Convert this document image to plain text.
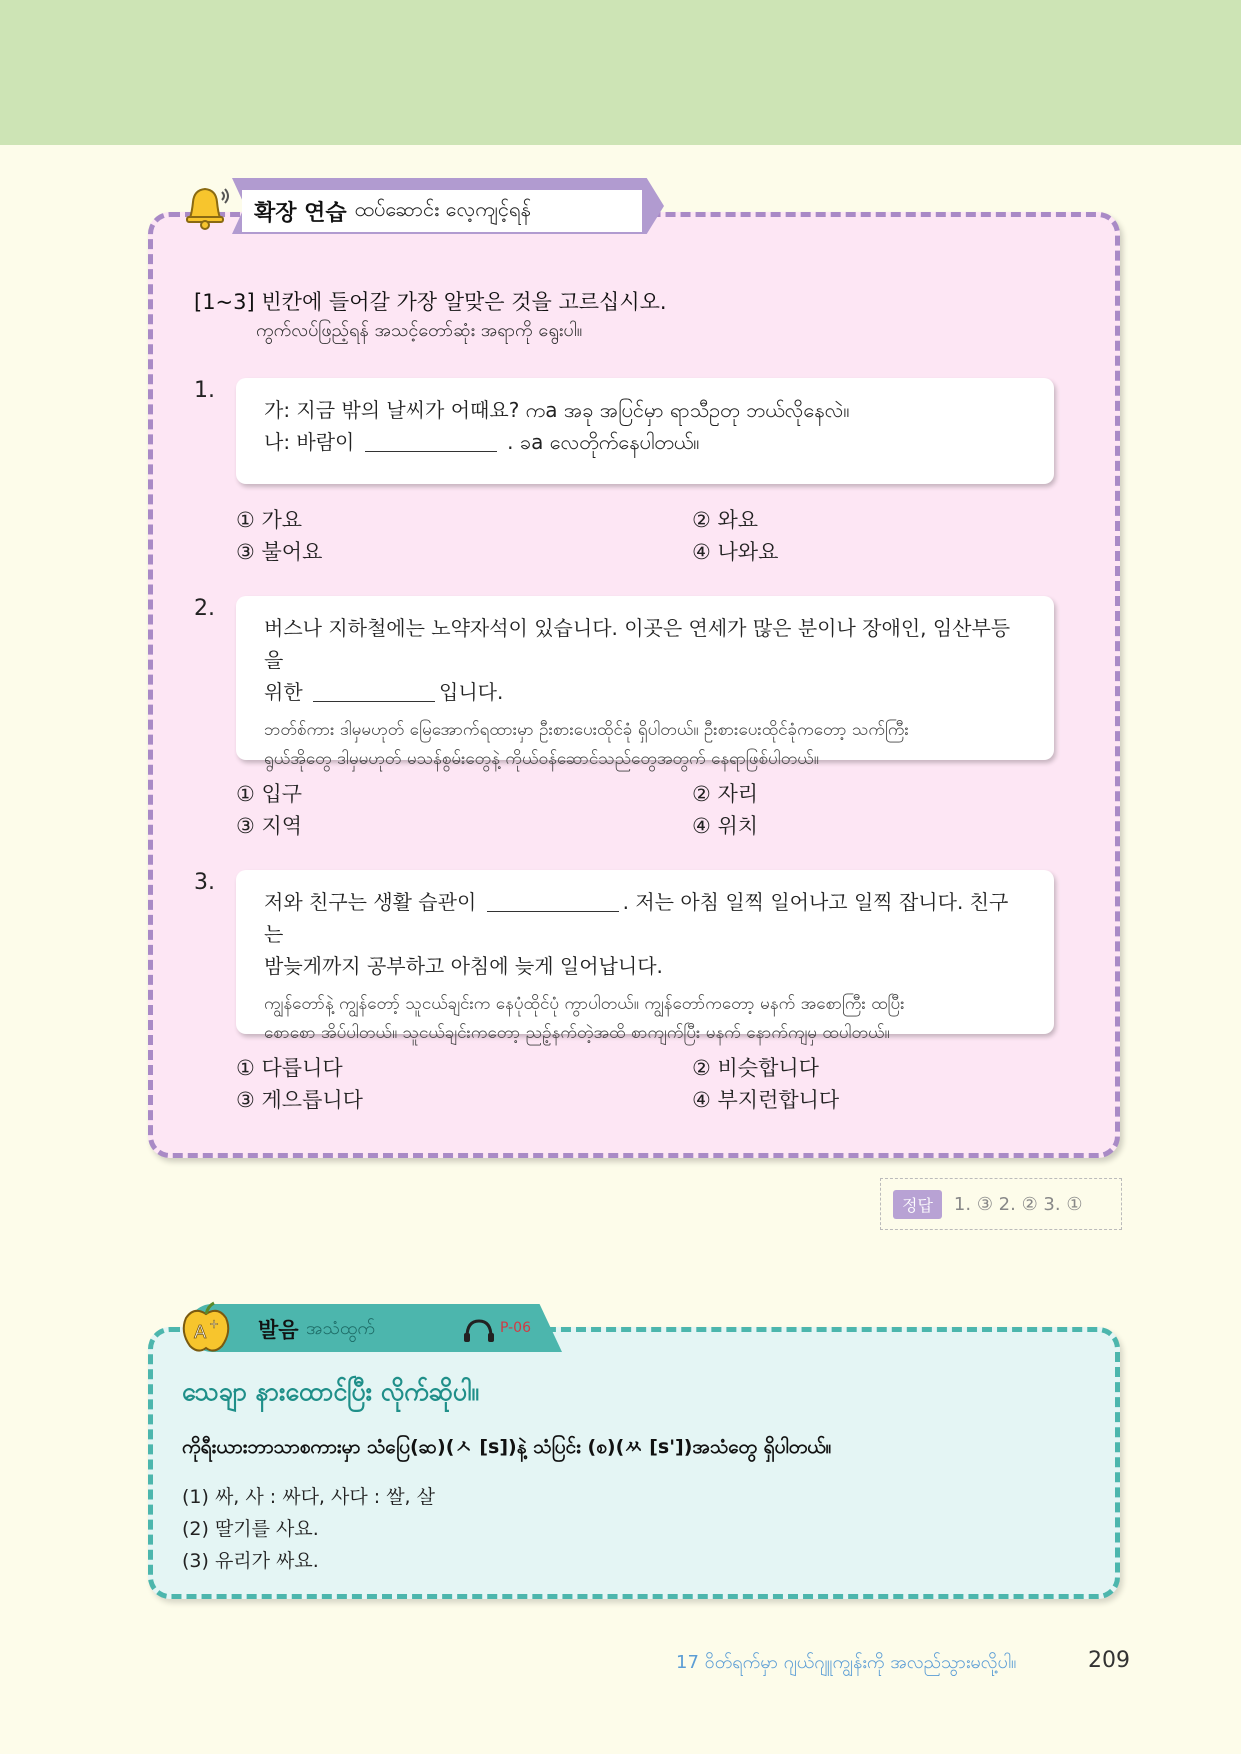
확장 연습 ထပ်ဆောင်း လေ့ကျင့်ရန်
[1~3] 빈칸에 들어갈 가장 알맞은 것을 고르십시오.
ကွက်လပ်ဖြည့်ရန် အသင့်တော်ဆုံး အရာကို ရွေးပါ။
1.
가: 지금 밖의 날씨가 어때요? ကa အခု အပြင်မှာ ရာသီဥတု ဘယ်လိုနေလဲ။
나: 바람이	. ခa လေတိုက်နေပါတယ်။
① 가요	② 와요
③ 불어요	④ 나와요
2.
버스나 지하철에는 노약자석이 있습니다. 이곳은 연세가 많은 분이나 장애인, 임산부등을
위한	입니다.
ဘတ်စ်ကား ဒါမှမဟုတ် မြေအောက်ရထားမှာ ဦးစားပေးထိုင်ခုံ ရှိပါတယ်။ ဦးစားပေးထိုင်ခုံကတော့ သက်ကြီး
ရွယ်အိုတွေ ဒါမှမဟုတ် မသန်စွမ်းတွေနဲ့ ကိုယ်ဝန်ဆောင်သည်တွေအတွက် နေရာဖြစ်ပါတယ်။
① 입구	② 자리
③ 지역	④ 위치
3.
저와 친구는 생활 습관이	. 저는 아침 일찍 일어나고 일찍 잡니다. 친구는
밤늦게까지 공부하고 아침에 늦게 일어납니다.
ကျွန်တော်နဲ့ ကျွန်တော့် သူငယ်ချင်းက နေပုံထိုင်ပုံ ကွာပါတယ်။ ကျွန်တော်ကတော့ မနက် အစောကြီး ထပြီး
စောစော အိပ်ပါတယ်။ သူငယ်ချင်းကတော့ ညဥ့်နက်တဲ့အထိ စာကျက်ပြီး မနက် နောက်ကျမှ ထပါတယ်။
① 다릅니다	② 비슷합니다
③ 게으릅니다	④ 부지런합니다
정답	1. ③ 2. ② 3. ①
A + 발음 အသံထွက်	P-06
သေချာ နားထောင်ပြီး လိုက်ဆိုပါ။
ကိုရီးယားဘာသာစကားမှာ သံပြေ(ဆ)(ㅅ [s])နဲ့ သံပြင်း (စ)(ㅆ [s'])အသံတွေ ရှိပါတယ်။
(1) 싸, 사 : 싸다, 사다 : 쌀, 살
(2) 딸기를 사요.
(3) 유리가 싸요.
17 ဝိတ်ရက်မှာ ဂျယ်ဂျူကျွန်းကို အလည်သွားမလို့ပါ။	209
